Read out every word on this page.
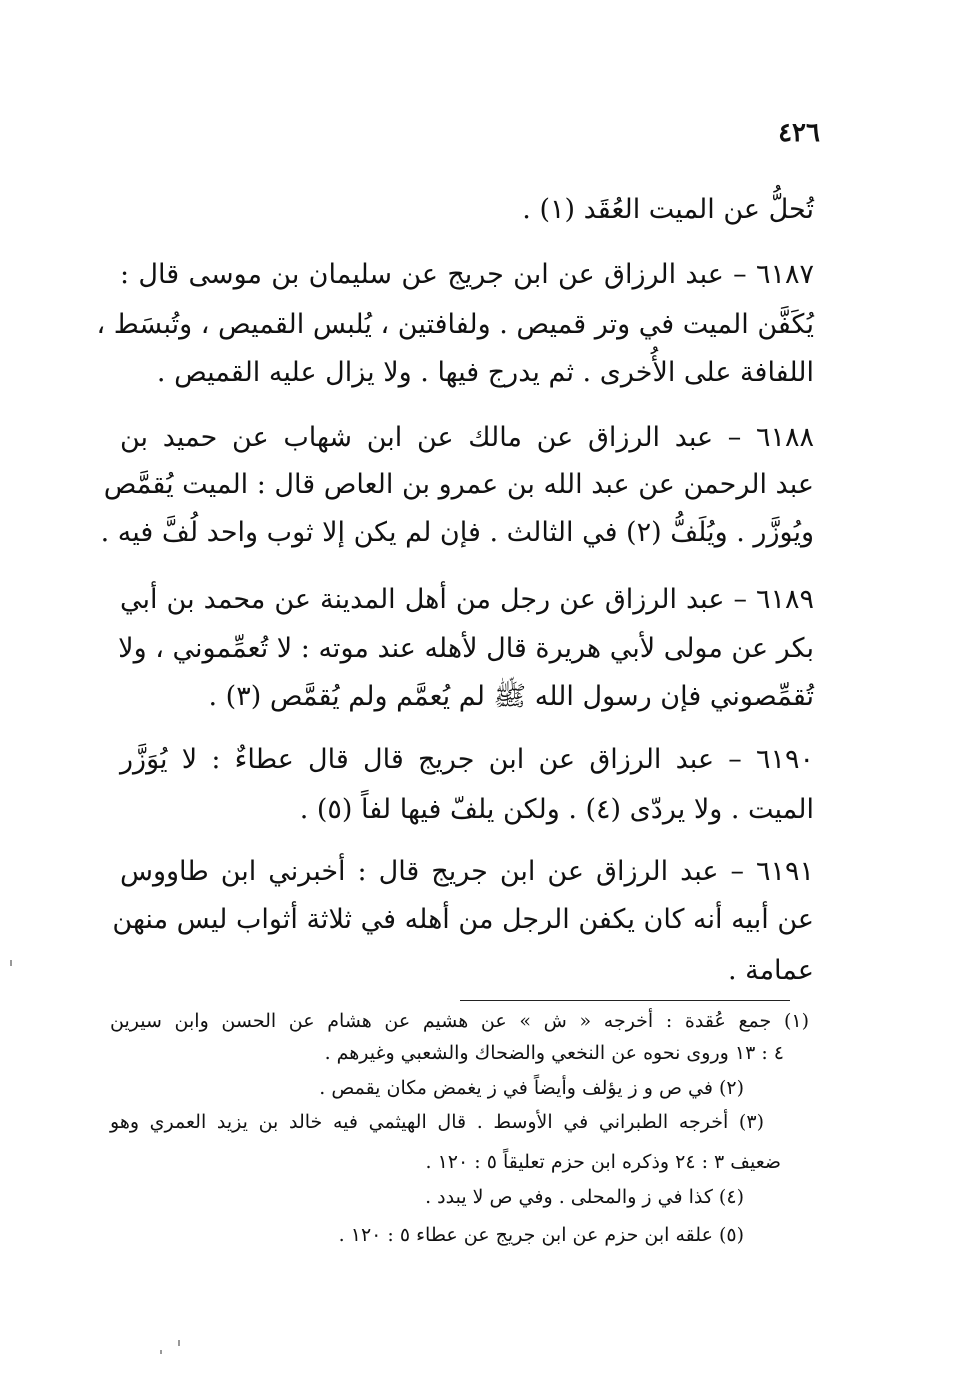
٤٢٦
تُحلُّ عن الميت العُقَد (١) .
٦١٨٧ – عبد الرزاق عن ابن جريج عن سليمان بن موسى قال :
يُكَفَّن الميت في وتر قميص . ولفافتين ، يُلبس القميص ، وتُبسَط ،
اللفافة على الأُخرى . ثم يدرج فيها . ولا يزال عليه القميص .
٦١٨٨ – عبد الرزاق عن مالك عن ابن شهاب عن حميد بن
عبد الرحمن عن عبد الله بن عمرو بن العاص قال : الميت يُقمَّص
ويُوزَّر . ويُلَفُّ (٢) في الثالث . فإن لم يكن إلا ثوب واحد لُفَّ فيه .
٦١٨٩ – عبد الرزاق عن رجل من أهل المدينة عن محمد بن أبي
بكر عن مولى لأبي هريرة قال لأهله عند موته : لا تُعمِّموني ، ولا
تُقمِّصوني فإن رسول الله ﷺ لم يُعمَّم ولم يُقمَّص (٣) .
٦١٩٠ – عبد الرزاق عن ابن جريج قال قال عطاءٌ : لا يُوَزَّر
الميت . ولا يردّى (٤) . ولكن يلفّ فيها لفاً (٥) .
٦١٩١ – عبد الرزاق عن ابن جريج قال : أخبرني ابن طاووس
عن أبيه أنه كان يكفن الرجل من أهله في ثلاثة أثواب ليس منهن
عمامة .
(١) جمع عُقدة : أخرجه « ش » عن هشيم عن هشام عن الحسن وابن سيرين
٤ : ١٣ وروى نحوه عن النخعي والضحاك والشعبي وغيرهم .
(٢) في ص و ز يؤلف وأيضاً في ز يغمض مكان يقمص .
(٣) أخرجه الطبراني في الأوسط . قال الهيثمي فيه خالد بن يزيد العمري وهو
ضعيف ٣ : ٢٤ وذكره ابن حزم تعليقاً ٥ : ١٢٠ .
(٤) كذا في ز والمحلى . وفي ص لا يبدد .
(٥) علقه ابن حزم عن ابن جريج عن عطاء ٥ : ١٢٠ .
